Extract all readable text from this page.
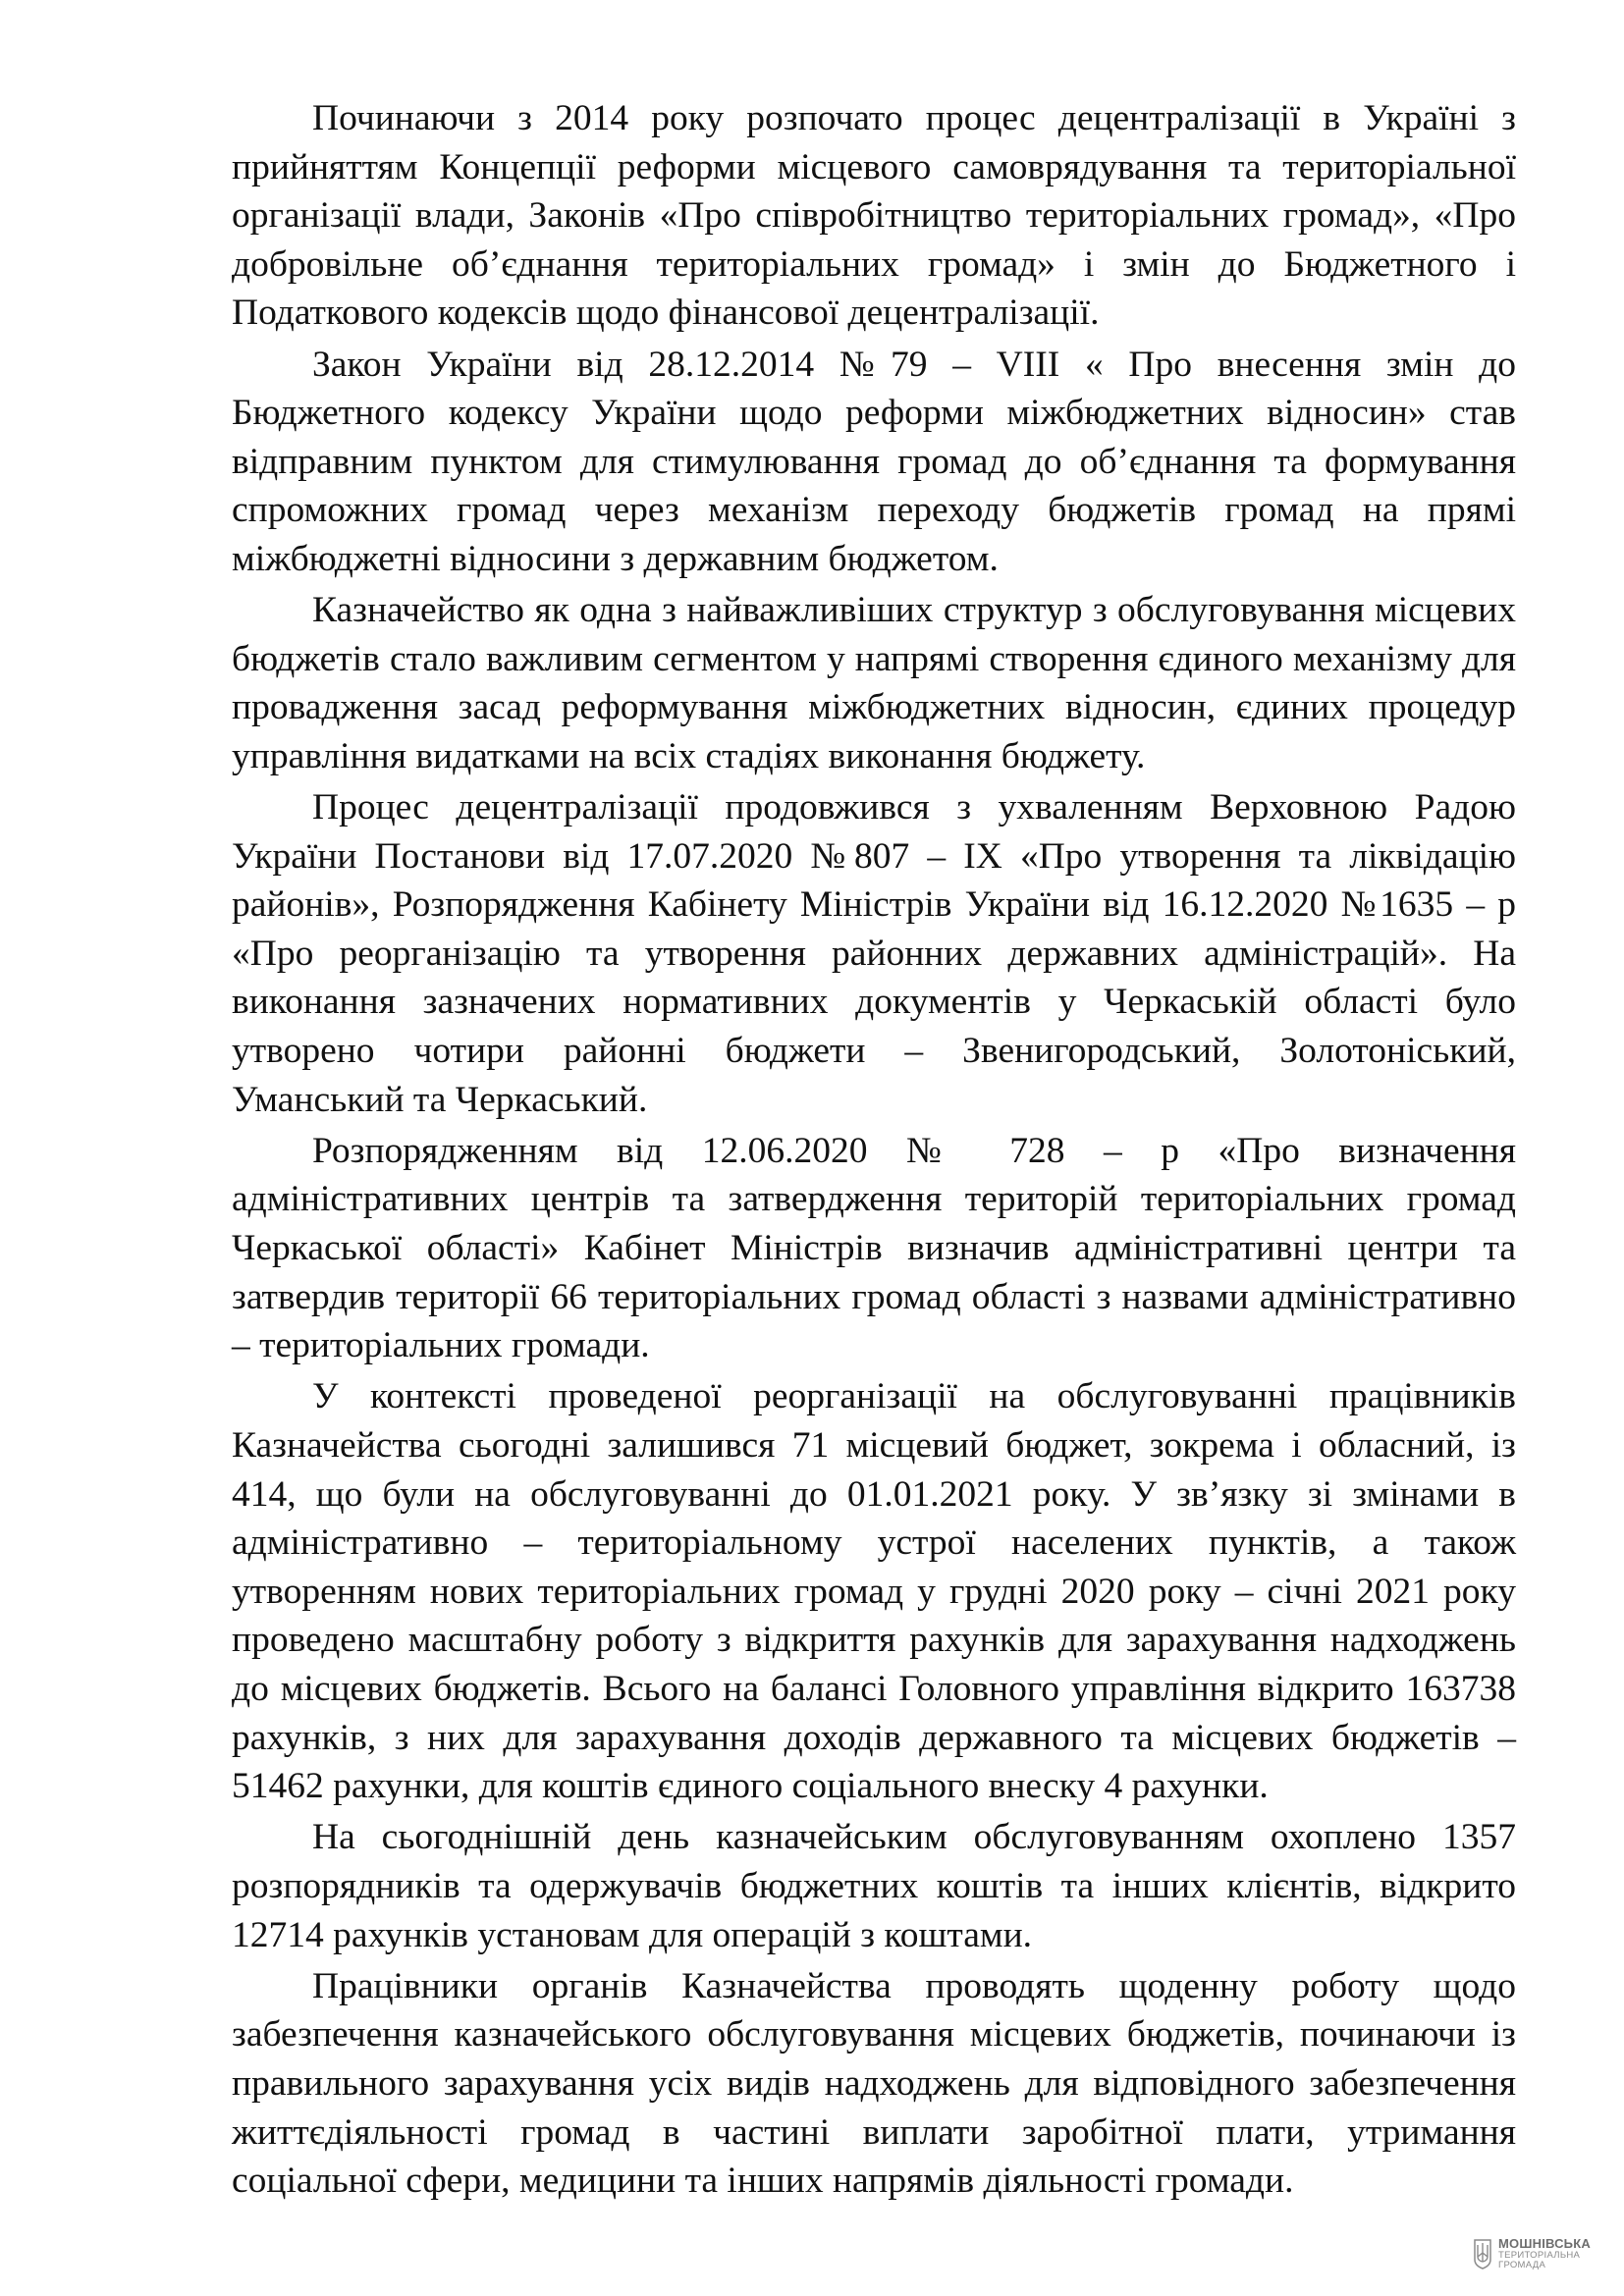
Починаючи з 2014 року розпочато процес децентралізації в Україні з прийняттям Концепції реформи місцевого самоврядування та територіальної організації влади, Законів «Про співробітництво територіальних громад», «Про добровільне об’єднання територіальних громад» і змін до Бюджетного і Податкового кодексів щодо фінансової децентралізації.

Закон України від 28.12.2014 №79 – VIII « Про внесення змін до Бюджетного кодексу України щодо реформи міжбюджетних відносин» став відправним пунктом для стимулювання громад до об’єднання та формування спроможних громад через механізм переходу бюджетів громад на прямі міжбюджетні відносини з державним бюджетом.

Казначейство як одна з найважливіших структур з обслуговування місцевих бюджетів стало важливим сегментом у напрямі створення єдиного механізму для провадження засад реформування міжбюджетних відносин, єдиних процедур управління видатками на всіх стадіях виконання бюджету.

Процес децентралізації продовжився з ухваленням Верховною Радою України Постанови від 17.07.2020 №807 – IX «Про утворення та ліквідацію районів», Розпорядження Кабінету Міністрів України від 16.12.2020 №1635 – р «Про реорганізацію та утворення районних державних адміністрацій». На виконання зазначених нормативних документів у Черкаській області було утворено чотири районні бюджети – Звенигородський, Золотоніський, Уманський та Черкаський.

Розпорядженням від 12.06.2020 № 728 – р «Про визначення адміністративних центрів та затвердження територій територіальних громад Черкаської області» Кабінет Міністрів визначив адміністративні центри та затвердив території 66 територіальних громад області з назвами адміністративно – територіальних громади.

У контексті проведеної реорганізації на обслуговуванні працівників Казначейства сьогодні залишився 71 місцевий бюджет, зокрема і обласний, із 414, що були на обслуговуванні до 01.01.2021 року. У зв’язку зі змінами в адміністративно – територіальному устрої населених пунктів, а також утворенням нових територіальних громад у грудні 2020 року – січні 2021 року проведено масштабну роботу з відкриття рахунків для зарахування надходжень до місцевих бюджетів. Всього на балансі Головного управління відкрито 163738 рахунків, з них для зарахування доходів державного та місцевих бюджетів – 51462 рахунки, для коштів єдиного соціального внеску 4 рахунки.

На сьогоднішній день казначейським обслуговуванням охоплено 1357 розпорядників та одержувачів бюджетних коштів та інших клієнтів, відкрито 12714 рахунків установам для операцій з коштами.

Працівники органів Казначейства проводять щоденну роботу щодо забезпечення казначейського обслуговування місцевих бюджетів, починаючи із правильного зарахування усіх видів надходжень для відповідного забезпечення життєдіяльності громад в частині виплати заробітної плати, утримання соціальної сфери, медицини та інших напрямів діяльності громади.

МОШНІВСЬКА
ТЕРИТОРІАЛЬНА
ГРОМАДА
